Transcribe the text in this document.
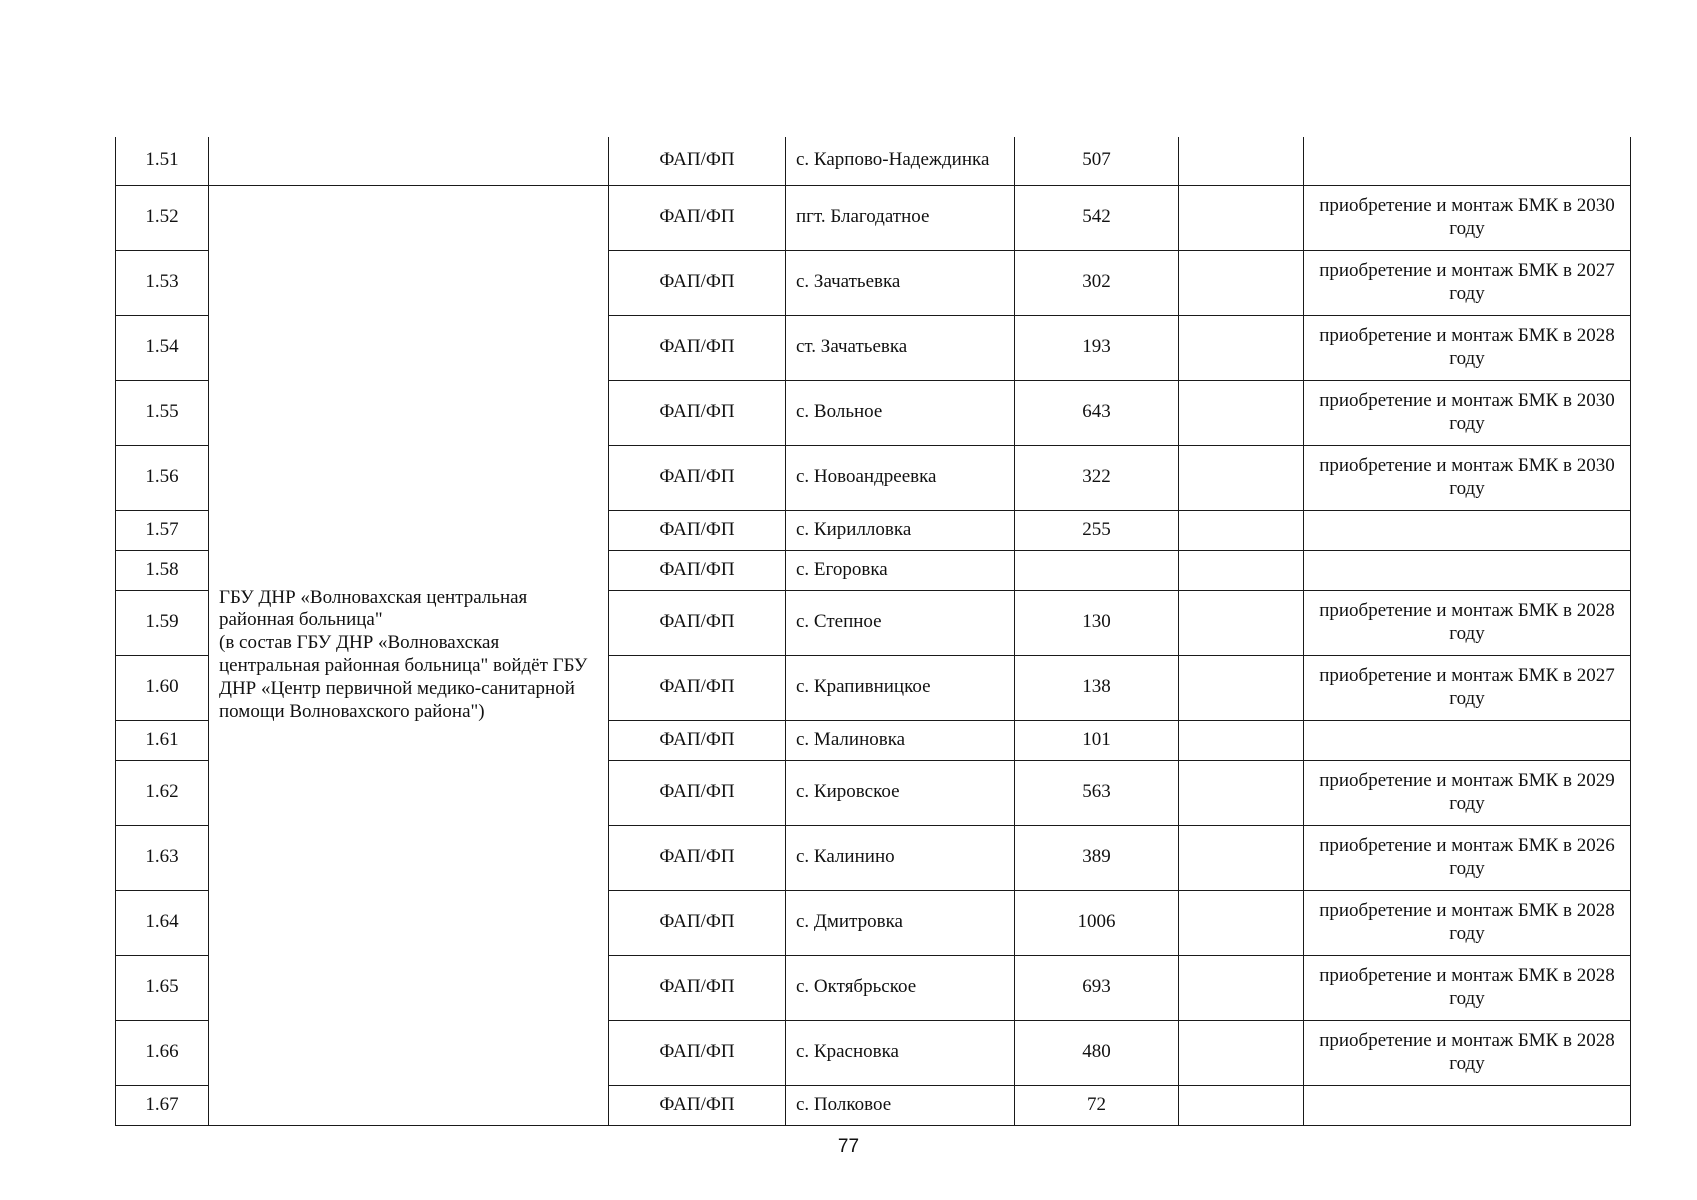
1.51		ФАП/ФП	с. Карпово-Надеждинка	507		
1.52	ГБУ ДНР «Волновахская центральная районная больница"
(в состав ГБУ ДНР «Волновахская центральная районная больница" войдёт ГБУ ДНР «Центр первичной медико-санитарной помощи Волновахского района")	ФАП/ФП	пгт. Благодатное	542		приобретение и монтаж БМК в 2030 году
1.53		ФАП/ФП	с. Зачатьевка	302		приобретение и монтаж БМК в 2027 году
1.54		ФАП/ФП	ст. Зачатьевка	193		приобретение и монтаж БМК в 2028 году
1.55		ФАП/ФП	с. Вольное	643		приобретение и монтаж БМК в 2030 году
1.56		ФАП/ФП	с. Новоандреевка	322		приобретение и монтаж БМК в 2030 году
1.57		ФАП/ФП	с. Кирилловка	255		
1.58		ФАП/ФП	с. Егоровка			
1.59		ФАП/ФП	с. Степное	130		приобретение и монтаж БМК в 2028 году
1.60		ФАП/ФП	с. Крапивницкое	138		приобретение и монтаж БМК в 2027 году
1.61		ФАП/ФП	с. Малиновка	101		
1.62		ФАП/ФП	с. Кировское	563		приобретение и монтаж БМК в 2029 году
1.63		ФАП/ФП	с. Калинино	389		приобретение и монтаж БМК в 2026 году
1.64		ФАП/ФП	с. Дмитровка	1006		приобретение и монтаж БМК в 2028 году
1.65		ФАП/ФП	с. Октябрьское	693		приобретение и монтаж БМК в 2028 году
1.66		ФАП/ФП	с. Красновка	480		приобретение и монтаж БМК в 2028 году
1.67		ФАП/ФП	с. Полковое	72		
77
